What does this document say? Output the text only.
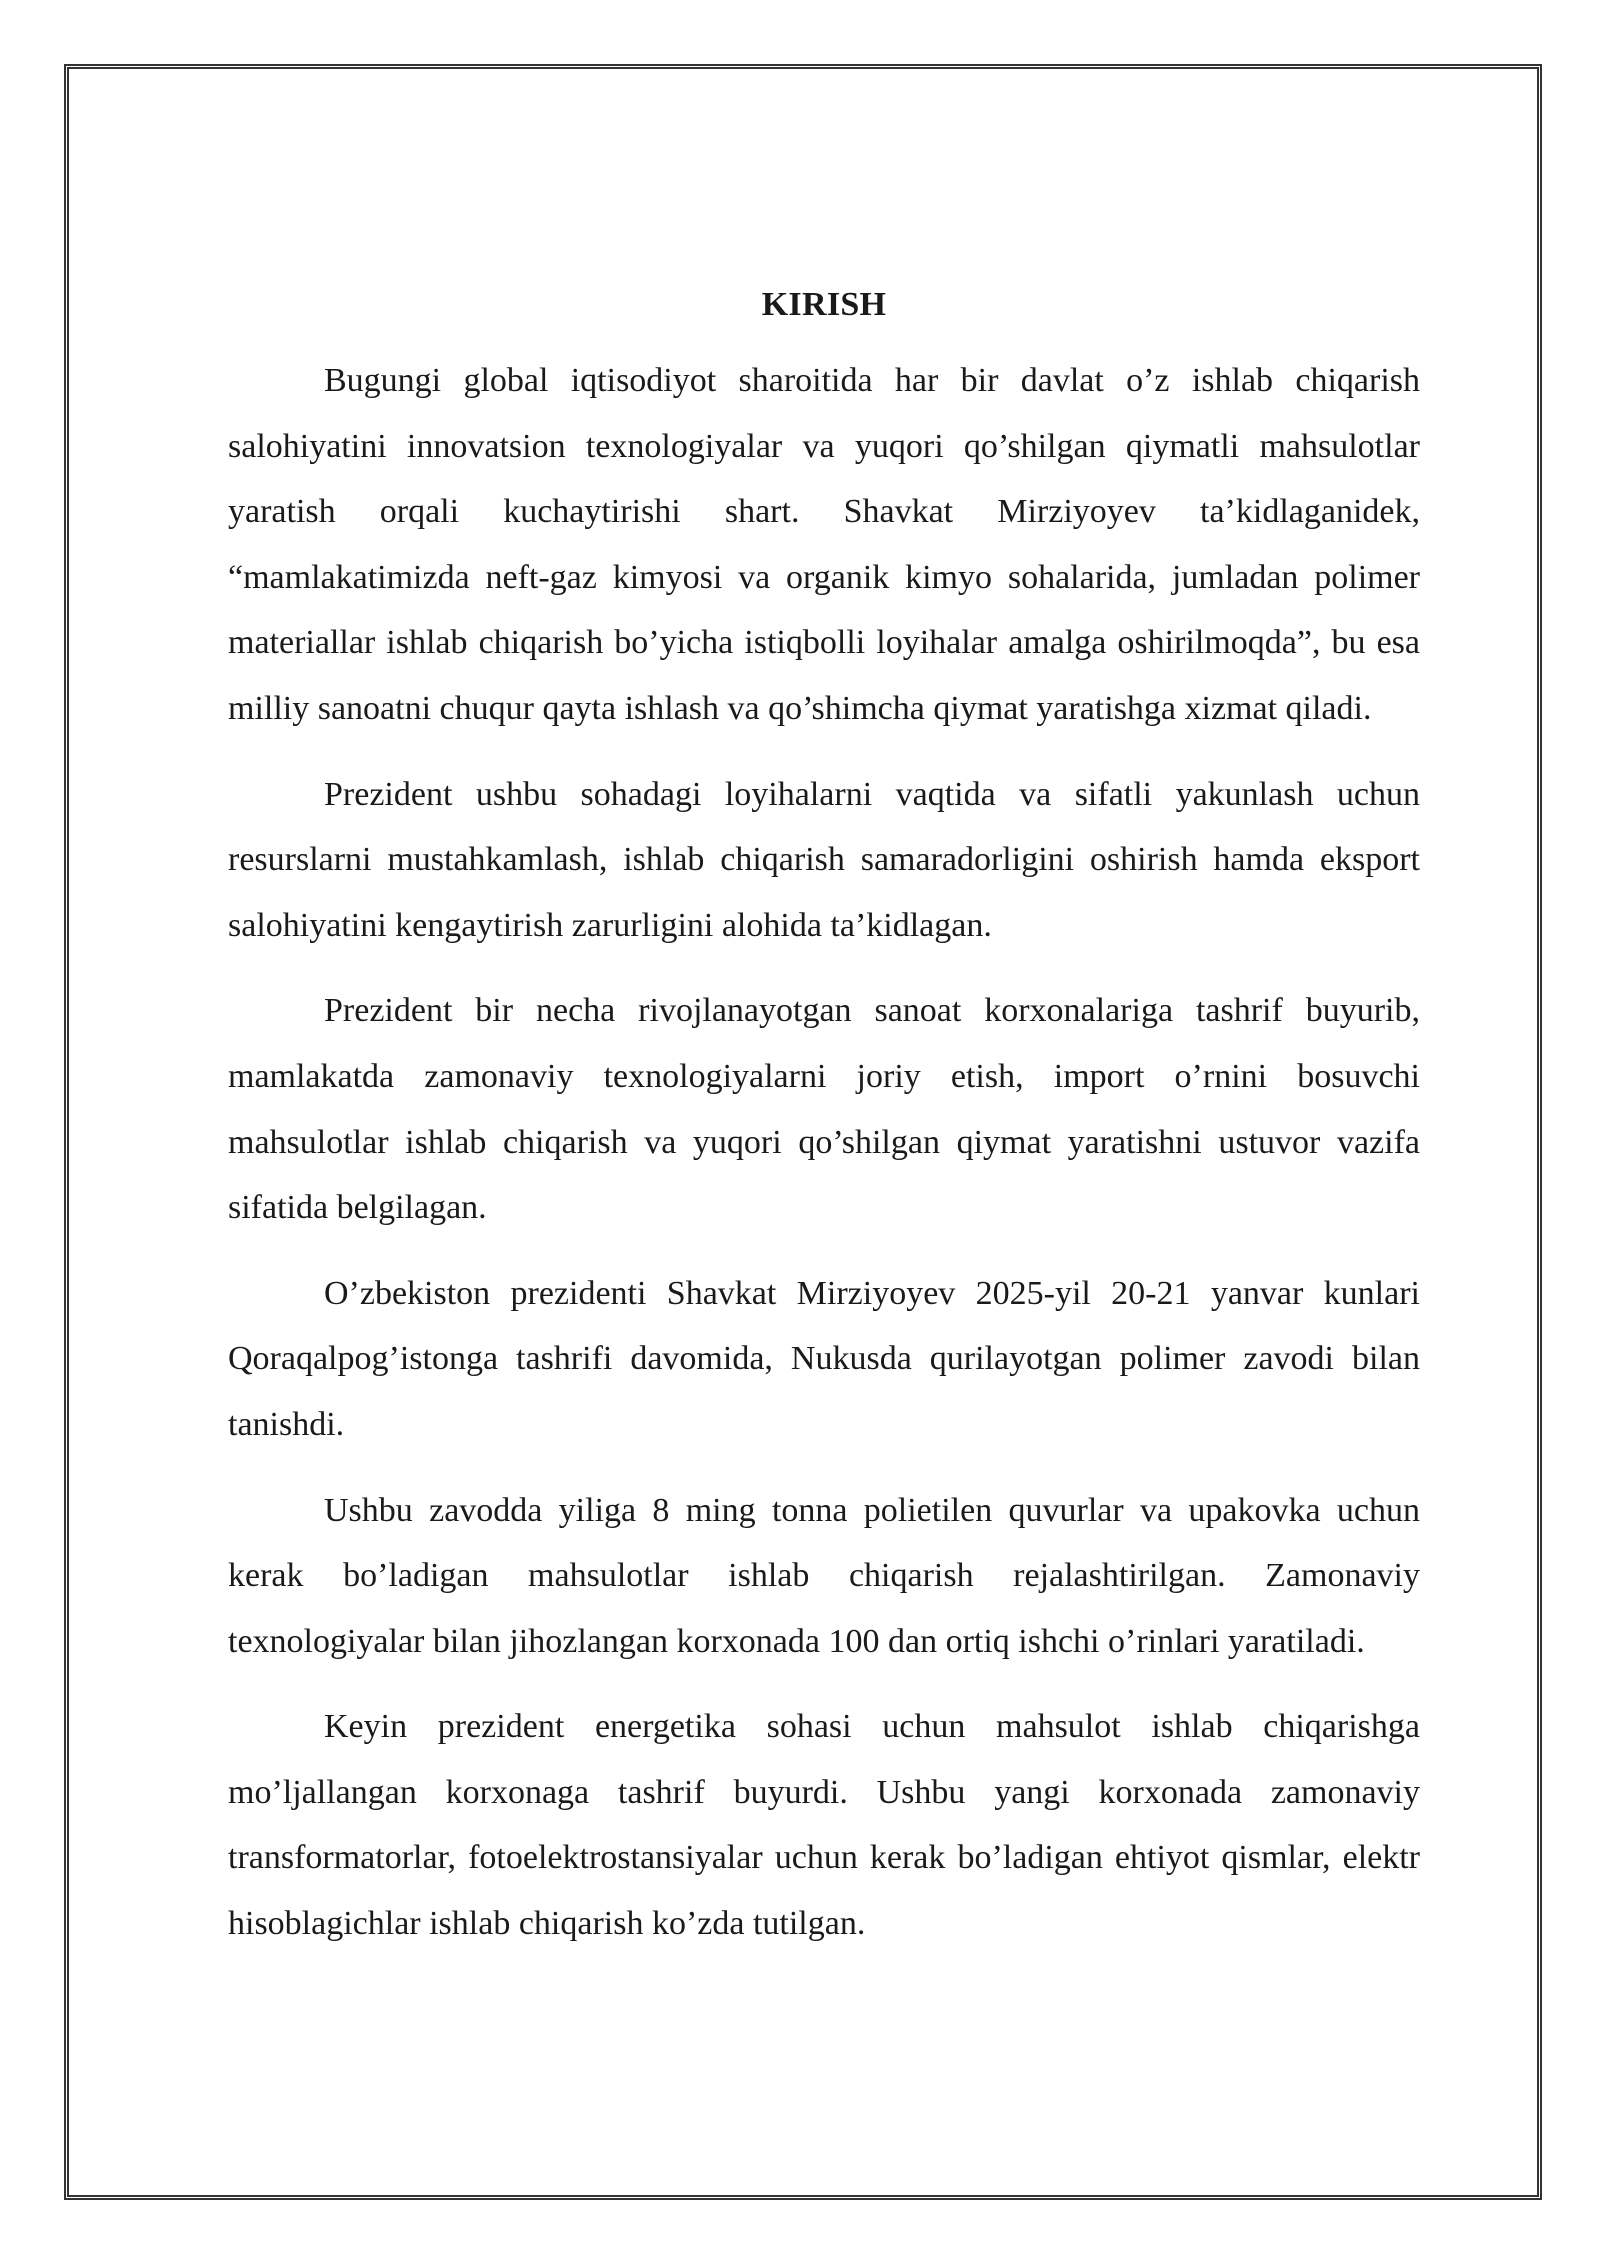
KIRISH

Bugungi global iqtisodiyot sharoitida har bir davlat o’z ishlab chiqarish salohiyatini innovatsion texnologiyalar va yuqori qo’shilgan qiymatli mahsulotlar yaratish orqali kuchaytirishi shart. Shavkat Mirziyoyev ta’kidlaganidek, “mamlakatimizda neft-gaz kimyosi va organik kimyo sohalarida, jumladan polimer materiallar ishlab chiqarish bo’yicha istiqbolli loyihalar amalga oshirilmoqda”, bu esa milliy sanoatni chuqur qayta ishlash va qo’shimcha qiymat yaratishga xizmat qiladi.

Prezident ushbu sohadagi loyihalarni vaqtida va sifatli yakunlash uchun resurslarni mustahkamlash, ishlab chiqarish samaradorligini oshirish hamda eksport salohiyatini kengaytirish zarurligini alohida ta’kidlagan.

Prezident bir necha rivojlanayotgan sanoat korxonalariga tashrif buyurib, mamlakatda zamonaviy texnologiyalarni joriy etish, import o’rnini bosuvchi mahsulotlar ishlab chiqarish va yuqori qo’shilgan qiymat yaratishni ustuvor vazifa sifatida belgilagan.

O’zbekiston prezidenti Shavkat Mirziyoyev 2025-yil 20-21 yanvar kunlari Qoraqalpog’istonga tashrifi davomida, Nukusda qurilayotgan polimer zavodi bilan tanishdi.

Ushbu zavodda yiliga 8 ming tonna polietilen quvurlar va upakovka uchun kerak bo’ladigan mahsulotlar ishlab chiqarish rejalashtirilgan. Zamonaviy texnologiyalar bilan jihozlangan korxonada 100 dan ortiq ishchi o’rinlari yaratiladi.

Keyin prezident energetika sohasi uchun mahsulot ishlab chiqarishga mo’ljallangan korxonaga tashrif buyurdi. Ushbu yangi korxonada zamonaviy transformatorlar, fotoelektrostansiyalar uchun kerak bo’ladigan ehtiyot qismlar, elektr hisoblagichlar ishlab chiqarish ko’zda tutilgan.
